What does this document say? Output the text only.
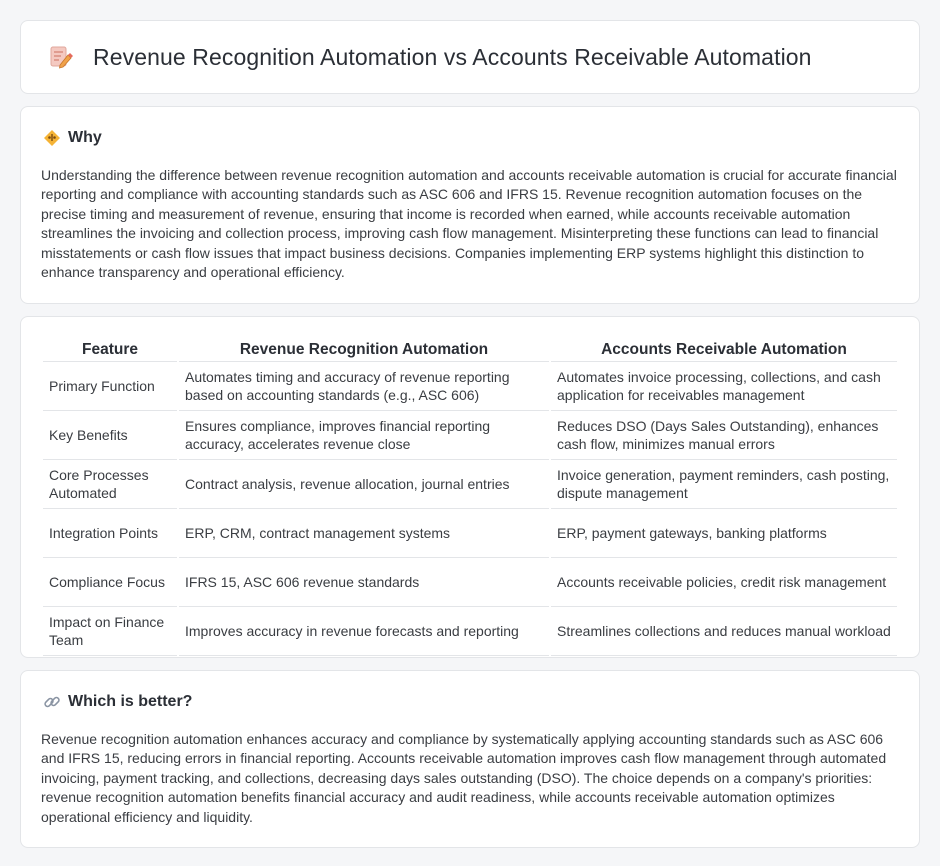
Revenue Recognition Automation vs Accounts Receivable Automation
Why

Understanding the difference between revenue recognition automation and accounts receivable automation is crucial for accurate financial reporting and compliance with accounting standards such as ASC 606 and IFRS 15. Revenue recognition automation focuses on the precise timing and measurement of revenue, ensuring that income is recorded when earned, while accounts receivable automation streamlines the invoicing and collection process, improving cash flow management. Misinterpreting these functions can lead to financial misstatements or cash flow issues that impact business decisions. Companies implementing ERP systems highlight this distinction to enhance transparency and operational efficiency.

Feature	Revenue Recognition Automation	Accounts Receivable Automation
Primary Function	Automates timing and accuracy of revenue reporting based on accounting standards (e.g., ASC 606)	Automates invoice processing, collections, and cash application for receivables management
Key Benefits	Ensures compliance, improves financial reporting accuracy, accelerates revenue close	Reduces DSO (Days Sales Outstanding), enhances cash flow, minimizes manual errors
Core Processes Automated	Contract analysis, revenue allocation, journal entries	Invoice generation, payment reminders, cash posting, dispute management
Integration Points	ERP, CRM, contract management systems	ERP, payment gateways, banking platforms
Compliance Focus	IFRS 15, ASC 606 revenue standards	Accounts receivable policies, credit risk management
Impact on Finance Team	Improves accuracy in revenue forecasts and reporting	Streamlines collections and reduces manual workload
Which is better?

Revenue recognition automation enhances accuracy and compliance by systematically applying accounting standards such as ASC 606 and IFRS 15, reducing errors in financial reporting. Accounts receivable automation improves cash flow management through automated invoicing, payment tracking, and collections, decreasing days sales outstanding (DSO). The choice depends on a company's priorities: revenue recognition automation benefits financial accuracy and audit readiness, while accounts receivable automation optimizes operational efficiency and liquidity.
